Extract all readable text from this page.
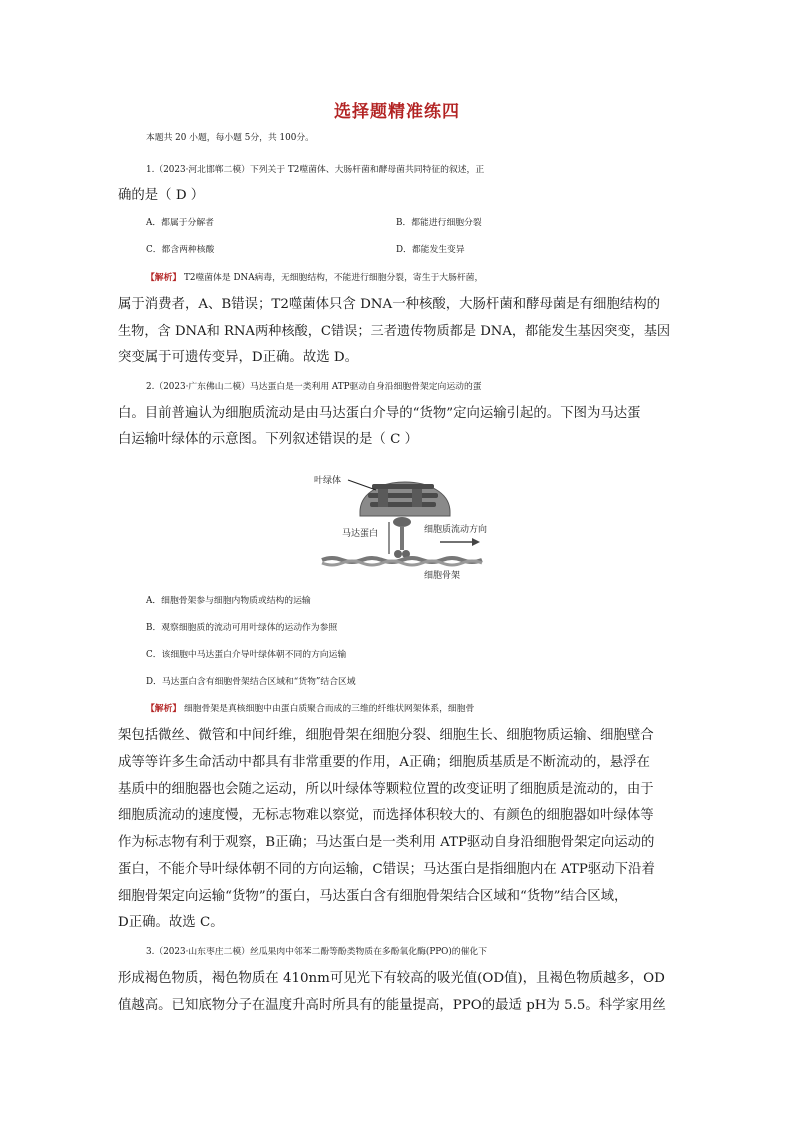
选择题精准练四
本题共 20 小题，每小题 5分，共 100分。
1.（2023·河北邯郸二模）下列关于 T2噬菌体、大肠杆菌和酵母菌共同特征的叙述，正
确的是（ D ）
A．都属于分解者	B．都能进行细胞分裂
C．都含两种核酸	D．都能发生变异
【解析】 T2噬菌体是 DNA病毒，无细胞结构，不能进行细胞分裂，寄生于大肠杆菌，
属于消费者，A、B错误；T2噬菌体只含 DNA一种核酸，大肠杆菌和酵母菌是有细胞结构的
生物，含 DNA和 RNA两种核酸，C错误；三者遗传物质都是 DNA，都能发生基因突变，基因
突变属于可遗传变异，D正确。故选 D。
2.（2023·广东佛山二模）马达蛋白是一类利用 ATP驱动自身沿细胞骨架定向运动的蛋
白。目前普遍认为细胞质流动是由马达蛋白介导的“货物”定向运输引起的。下图为马达蛋
白运输叶绿体的示意图。下列叙述错误的是（ C ）
叶绿体
马达蛋白	细胞质流动方向
细胞骨架
A．细胞骨架参与细胞内物质或结构的运输
B．观察细胞质的流动可用叶绿体的运动作为参照
C．该细胞中马达蛋白介导叶绿体朝不同的方向运输
D．马达蛋白含有细胞骨架结合区域和“货物”结合区域
【解析】 细胞骨架是真核细胞中由蛋白质聚合而成的三维的纤维状网架体系，细胞骨
架包括微丝、微管和中间纤维，细胞骨架在细胞分裂、细胞生长、细胞物质运输、细胞壁合
成等等许多生命活动中都具有非常重要的作用，A正确；细胞质基质是不断流动的，悬浮在
基质中的细胞器也会随之运动，所以叶绿体等颗粒位置的改变证明了细胞质是流动的，由于
细胞质流动的速度慢，无标志物难以察觉，而选择体积较大的、有颜色的细胞器如叶绿体等
作为标志物有利于观察，B正确；马达蛋白是一类利用 ATP驱动自身沿细胞骨架定向运动的
蛋白，不能介导叶绿体朝不同的方向运输，C错误；马达蛋白是指细胞内在 ATP驱动下沿着
细胞骨架定向运输“货物”的蛋白，马达蛋白含有细胞骨架结合区域和“货物”结合区域，
D正确。故选 C。
3.（2023·山东枣庄二模）丝瓜果肉中邻苯二酚等酚类物质在多酚氧化酶(PPO)的催化下
形成褐色物质，褐色物质在 410nm可见光下有较高的吸光值(OD值)，且褐色物质越多，OD
值越高。已知底物分子在温度升高时所具有的能量提高，PPO的最适 pH为 5.5。科学家用丝
